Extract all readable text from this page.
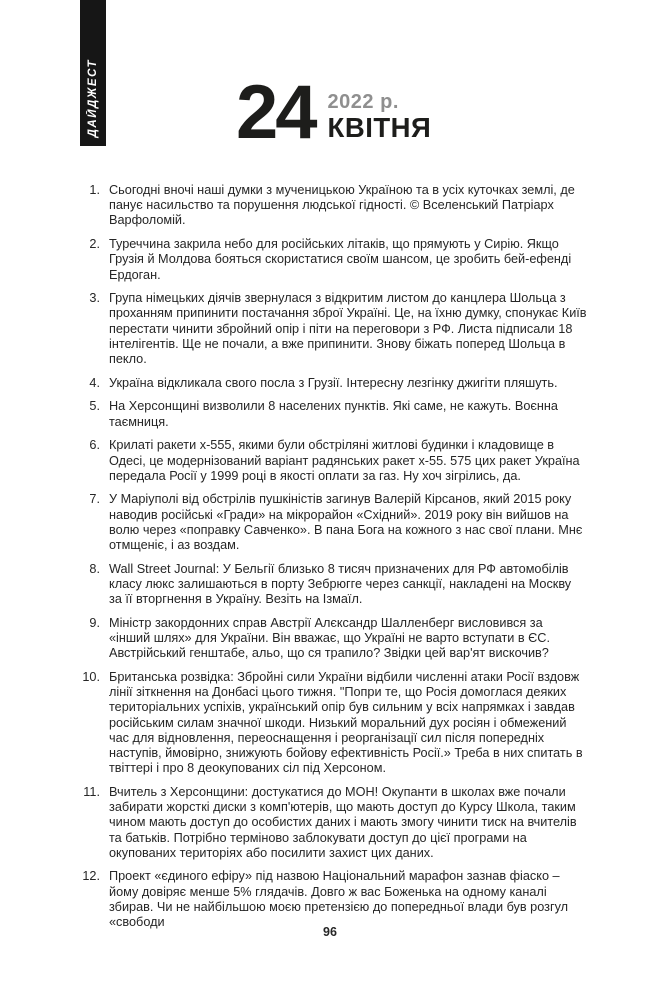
ДАЙДЖЕСТ 24 2022 р.
КВІТНЯ
1. Сьогодні вночі наші думки з мученицькою Україною та в усіх куточках землі, де панує насильство та порушення людської гідності. © Вселенський Патріарх Варфоломій.
2. Туреччина закрила небо для російських літаків, що прямують у Сирію. Якщо Грузія й Молдова бояться скористатися своїм шансом, це зробить бей-ефенді Ердоган.
3. Група німецьких діячів звернулася з відкритим листом до канцлера Шольца з проханням припинити постачання зброї Україні. Це, на їхню думку, спонукає Київ перестати чинити збройний опір і піти на переговори з РФ. Листа підписали 18 інтелігентів. Ще не почали, а вже припинити. Знову біжать поперед Шольца в пекло.
4. Україна відкликала свого посла з Грузії. Інтересну лезгінку джигіти пляшуть.
5. На Херсонщині визволили 8 населених пунктів. Які саме, не кажуть. Воєнна таємниця.
6. Крилаті ракети х-555, якими були обстріляні житлові будинки і кладовище в Одесі, це модернізований варіант радянських ракет х-55. 575 цих ракет Україна передала Росії у 1999 році в якості оплати за газ. Ну хоч зігрілись, да.
7. У Маріуполі від обстрілів пушкіністів загинув Валерій Кірсанов, який 2015 року наводив російські «Гради» на мікрорайон «Східний». 2019 року він вийшов на волю через «поправку Савченко». В пана Бога на кожного з нас свої плани. Мнє отмщеніє, і аз воздам.
8. Wall Street Journal: У Бельгії близько 8 тисяч призначених для РФ автомобілів класу люкс залишаються в порту Зебрюгге через санкції, накладені на Москву за її вторгнення в Україну. Везіть на Ізмаїл.
9. Міністр закордонних справ Австрії Алєксандр Шалленберг висловився за «інший шлях» для України. Він вважає, що Україні не варто вступати в ЄС. Австрійський генштабе, альо, що ся трапило? Звідки цей вар'ят вискочив?
10. Британська розвідка: Збройні сили України відбили численні атаки Росії вздовж лінії зіткнення на Донбасі цього тижня. "Попри те, що Росія домоглася деяких територіальних успіхів, український опір був сильним у всіх напрямках і завдав російським силам значної шкоди. Низький моральний дух росіян і обмежений час для відновлення, переоснащення і реорганізації сил після попередніх наступів, ймовірно, знижують бойову ефективність Росії.» Треба в них спитать в твіттері і про 8 деокупованих сіл під Херсоном.
11. Вчитель з Херсонщини: достукатися до МОН! Окупанти в школах вже почали забирати жорсткі диски з комп'ютерів, що мають доступ до Курсу Школа, таким чином мають доступ до особистих даних і мають змогу чинити тиск на вчителів та батьків. Потрібно терміново заблокувати доступ до цієї програми на окупованих територіях або посилити захист цих даних.
12. Проект «єдиного ефіру» під назвою Національний марафон зазнав фіаско – йому довіряє менше 5% глядачів. Довго ж вас Боженька на одному каналі збирав. Чи не найбільшою моєю претензією до попередньої влади був розгул «свободи
96
